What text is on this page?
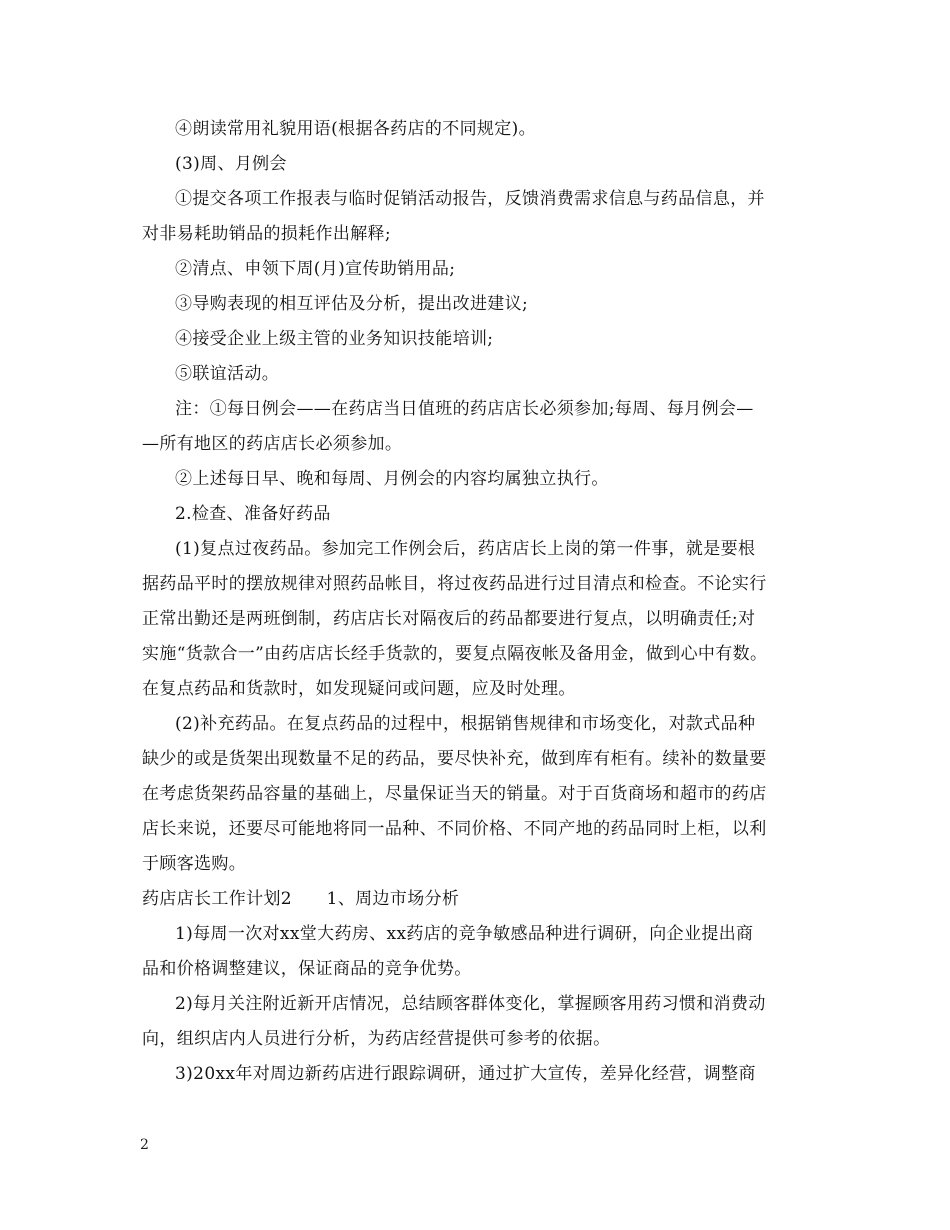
④朗读常用礼貌用语(根据各药店的不同规定)。
(3)周、月例会
①提交各项工作报表与临时促销活动报告，反馈消费需求信息与药品信息，并
对非易耗助销品的损耗作出解释;
②清点、申领下周(月)宣传助销用品;
③导购表现的相互评估及分析，提出改进建议;
④接受企业上级主管的业务知识技能培训;
⑤联谊活动。
注：①每日例会——在药店当日值班的药店店长必须参加;每周、每月例会—
—所有地区的药店店长必须参加。
②上述每日早、晚和每周、月例会的内容均属独立执行。
2.检查、准备好药品
(1)复点过夜药品。参加完工作例会后，药店店长上岗的第一件事，就是要根
据药品平时的摆放规律对照药品帐目，将过夜药品进行过目清点和检查。不论实行
正常出勤还是两班倒制，药店店长对隔夜后的药品都要进行复点，以明确责任;对
实施“货款合一”由药店店长经手货款的，要复点隔夜帐及备用金，做到心中有数。
在复点药品和货款时，如发现疑问或问题，应及时处理。
(2)补充药品。在复点药品的过程中，根据销售规律和市场变化，对款式品种
缺少的或是货架出现数量不足的药品，要尽快补充，做到库有柜有。续补的数量要
在考虑货架药品容量的基础上，尽量保证当天的销量。对于百货商场和超市的药店
店长来说，还要尽可能地将同一品种、不同价格、不同产地的药品同时上柜，以利
于顾客选购。
药店店长工作计划2　　1、周边市场分析
1)每周一次对xx堂大药房、xx药店的竞争敏感品种进行调研，向企业提出商
品和价格调整建议，保证商品的竞争优势。
2)每月关注附近新开店情况，总结顾客群体变化，掌握顾客用药习惯和消费动
向，组织店内人员进行分析，为药店经营提供可参考的依据。
3)20xx年对周边新药店进行跟踪调研，通过扩大宣传，差异化经营，调整商
2
